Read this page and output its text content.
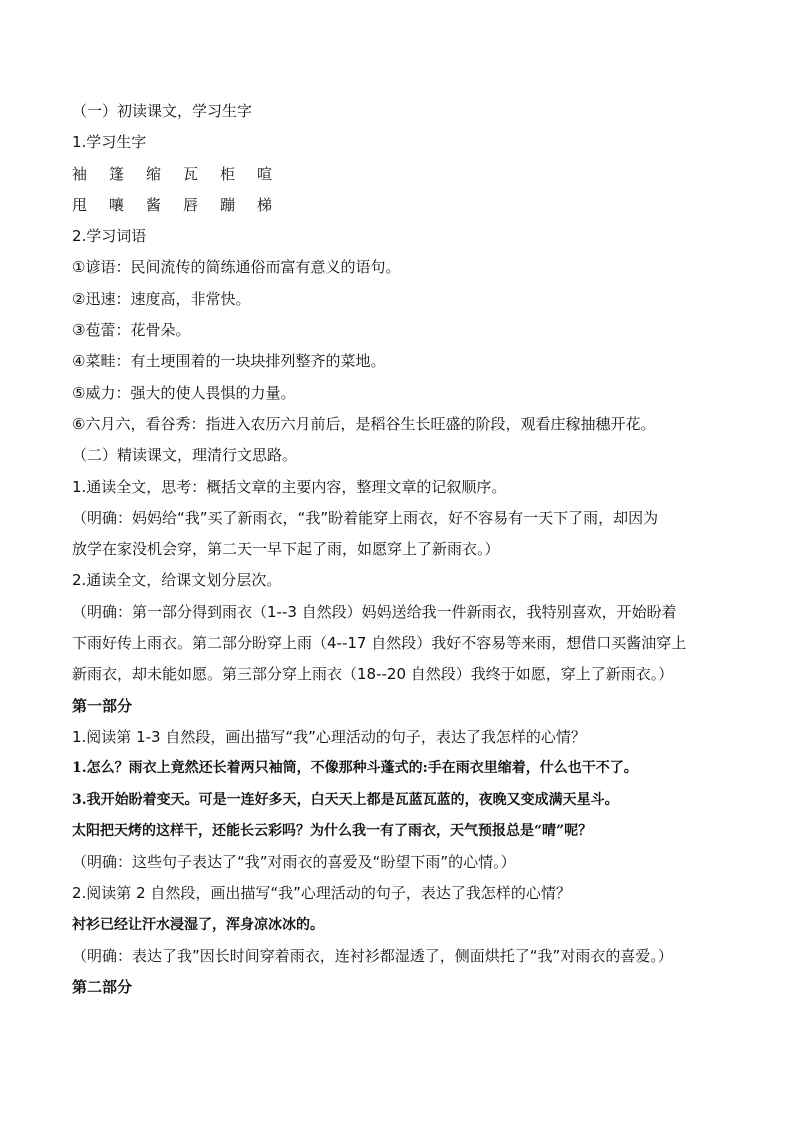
（一）初读课文，学习生字

1.学习生字

袖 篷 缩 瓦 柜 喧

甩 嚷 酱 唇 蹦 梯

2.学习词语

①谚语：民间流传的简练通俗而富有意义的语句。

②迅速：速度高，非常快。

③苞蕾：花骨朵。

④菜畦：有土埂围着的一块块排列整齐的菜地。

⑤威力：强大的使人畏惧的力量。

⑥六月六，看谷秀：指进入农历六月前后，是稻谷生长旺盛的阶段，观看庄稼抽穗开花。

（二）精读课文，理清行文思路。

1.通读全文，思考：概括文章的主要内容，整理文章的记叙顺序。

（明确：妈妈给“我”买了新雨衣，“我”盼着能穿上雨衣，好不容易有一天下了雨，却因为

放学在家没机会穿，第二天一早下起了雨，如愿穿上了新雨衣。）

2.通读全文，给课文划分层次。

（明确：第一部分得到雨衣（1--3 自然段）妈妈送给我一件新雨衣，我特别喜欢，开始盼着

下雨好传上雨衣。第二部分盼穿上雨（4--17 自然段）我好不容易等来雨，想借口买酱油穿上

新雨衣，却未能如愿。第三部分穿上雨衣（18--20 自然段）我终于如愿，穿上了新雨衣。）

第一部分

1.阅读第 1-3 自然段，画出描写“我”心理活动的句子，表达了我怎样的心情？

1.怎么？雨衣上竟然还长着两只袖筒，不像那种斗蓬式的:手在雨衣里缩着，什么也干不了。

3.我开始盼着变天。可是一连好多天，白天天上都是瓦蓝瓦蓝的，夜晚又变成满天星斗。

太阳把天烤的这样干，还能长云彩吗？为什么我一有了雨衣，天气预报总是“晴”呢？

（明确：这些句子表达了“我”对雨衣的喜爱及“盼望下雨”的心情。）

2.阅读第 2 自然段，画出描写“我”心理活动的句子，表达了我怎样的心情？

衬衫已经让汗水浸湿了，浑身凉冰冰的。

（明确：表达了我”因长时间穿着雨衣，连衬衫都湿透了，侧面烘托了“我”对雨衣的喜爱。）

第二部分
